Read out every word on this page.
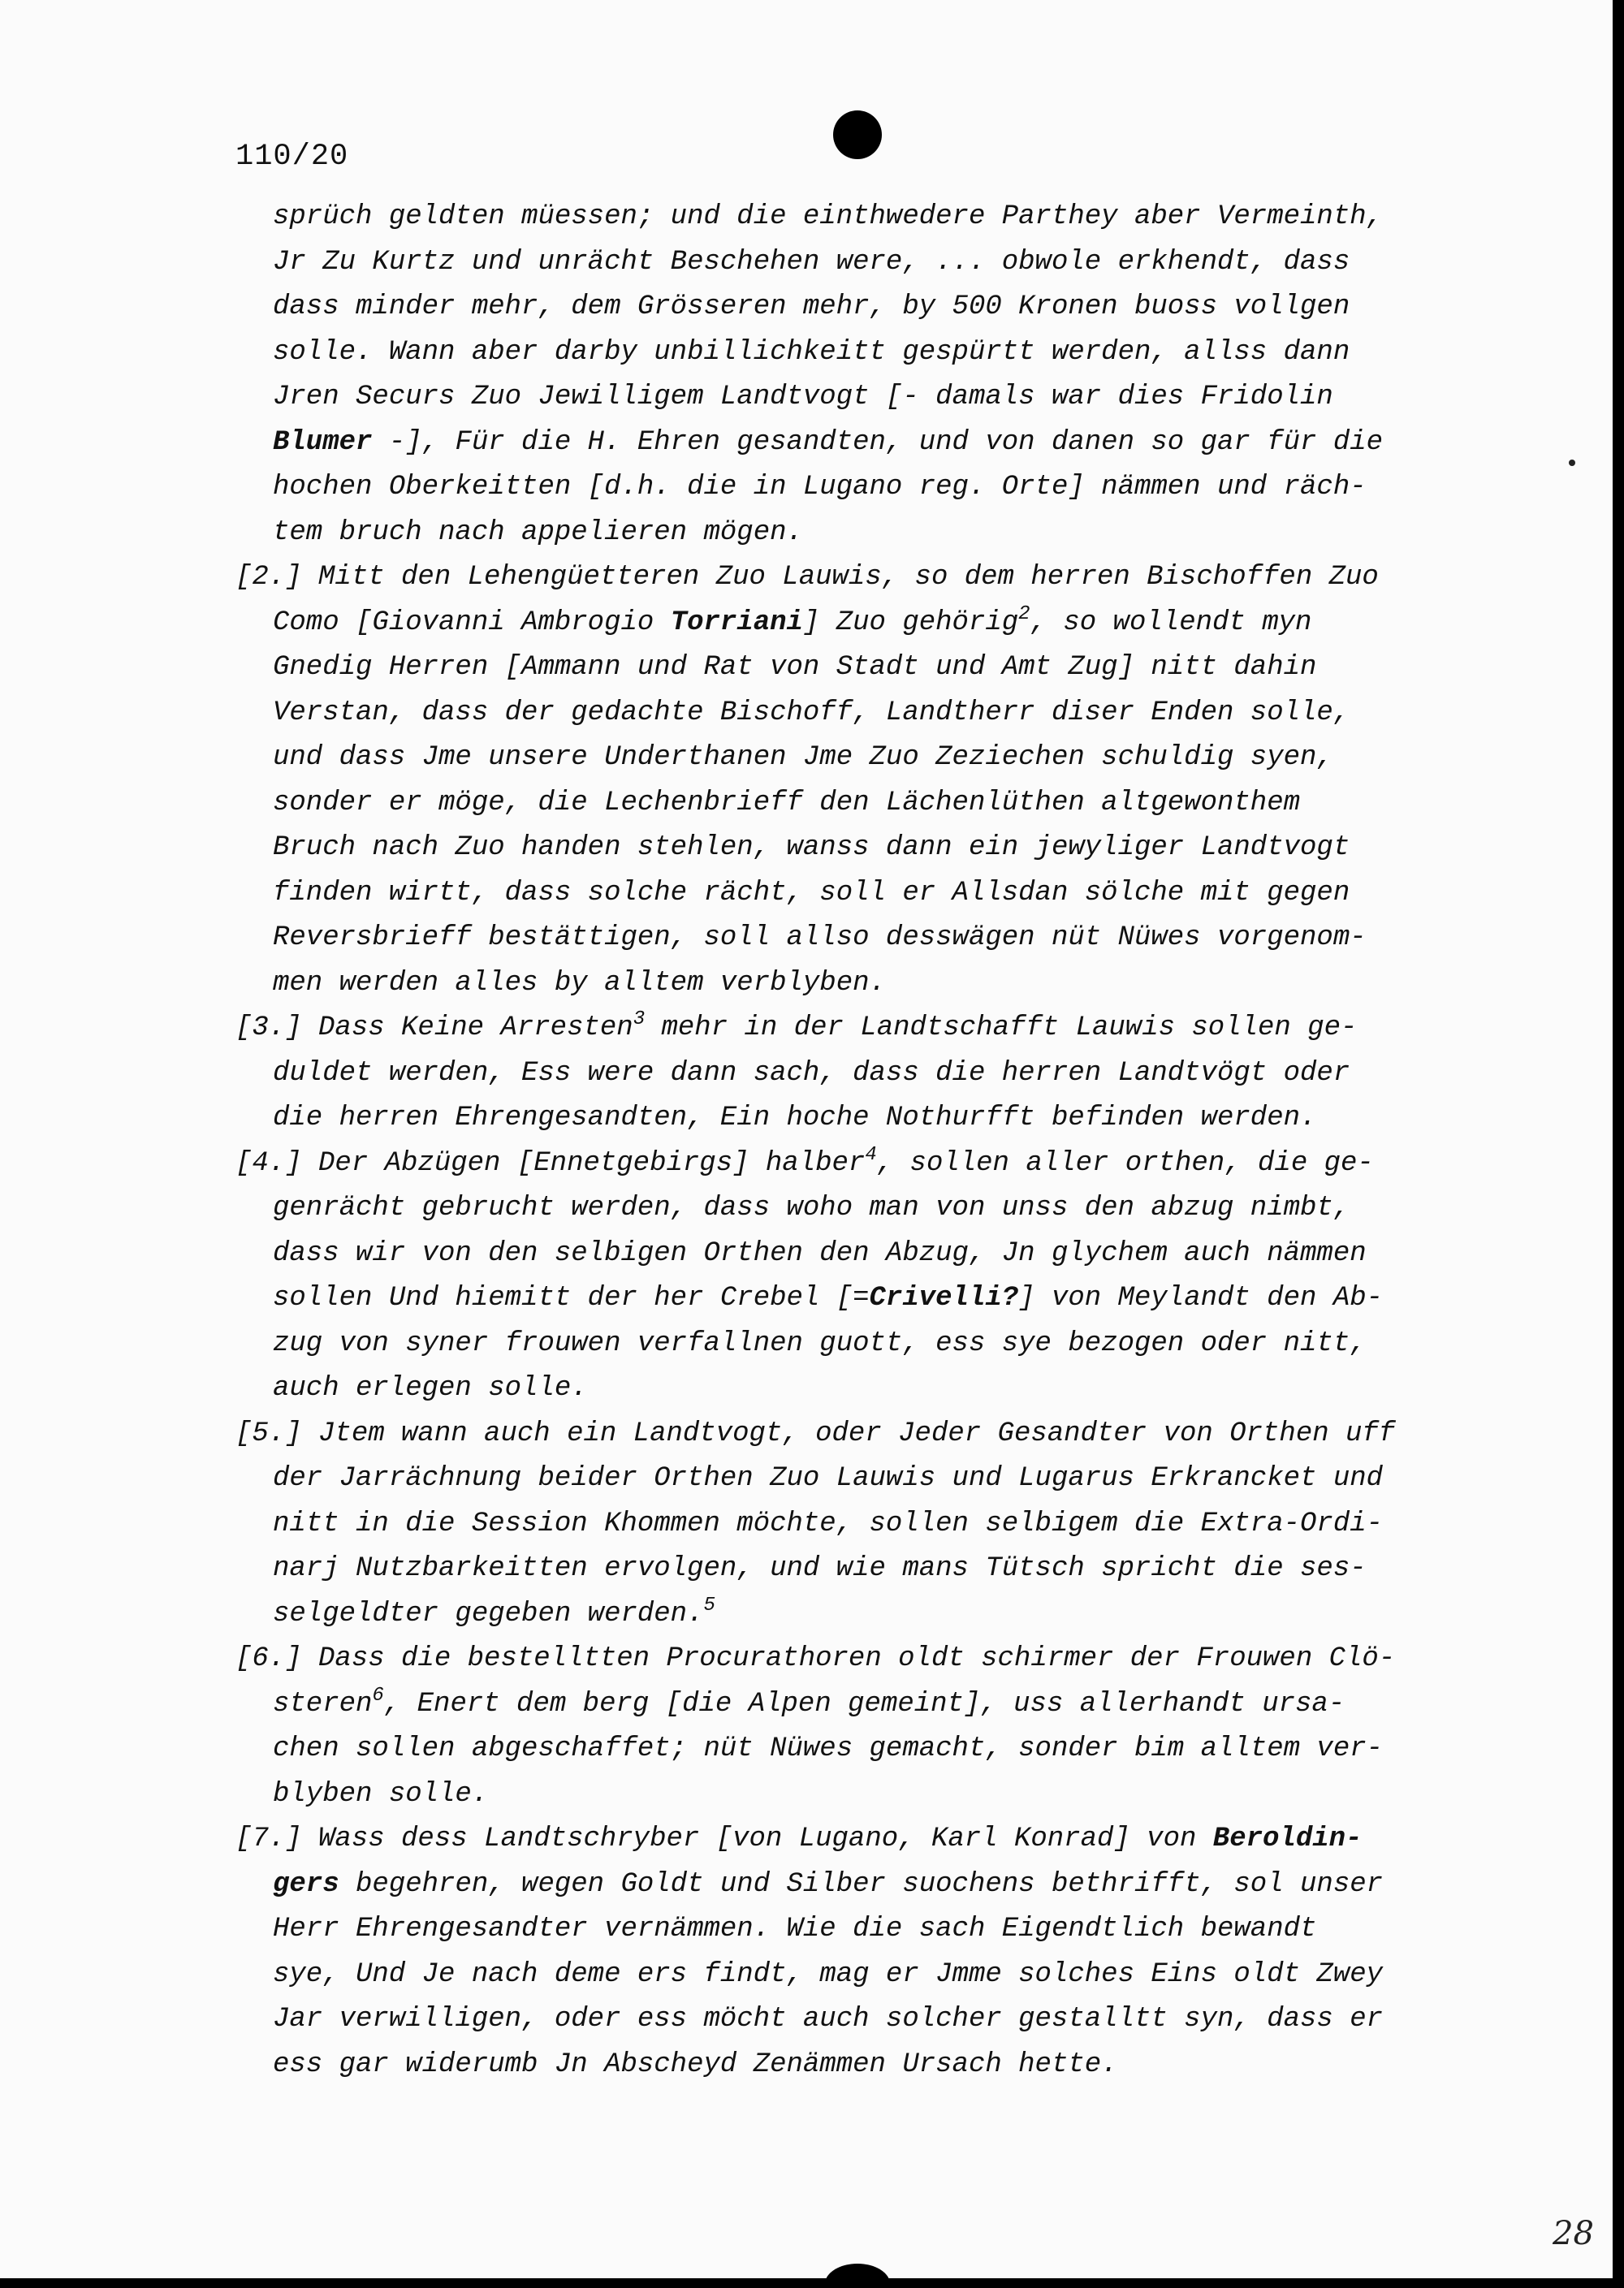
110/20
sprüch geldten müessen; und die einthwedere Parthey aber Vermeinth,
Jr Zu Kurtz und unrächt Beschehen were, ... obwole erkhendt, dass
dass minder mehr, dem Grösseren mehr, by 500 Kronen buoss vollgen
solle. Wann aber darby unbillichkeitt gespürtt werden, allss dann
Jren Securs Zuo Jewilligem Landtvogt [- damals war dies Fridolin
Blumer -], Für die H. Ehren gesandten, und von danen so gar für die
hochen Oberkeitten [d.h. die in Lugano reg. Orte] nämmen und räch-
tem bruch nach appelieren mögen.
[2.] Mitt den Lehengüetteren Zuo Lauwis, so dem herren Bischoffen Zuo
Como [Giovanni Ambrogio Torriani] Zuo gehörig$^2$, so wollendt myn
Gnedig Herren [Ammann und Rat von Stadt und Amt Zug] nitt dahin
Verstan, dass der gedachte Bischoff, Landtherr diser Enden solle,
und dass Jme unsere Underthanen Jme Zuo Zeziechen schuldig syen,
sonder er möge, die Lechenbrieff den Lächenlüthen altgewonthem
Bruch nach Zuo handen stehlen, wanss dann ein jewyliger Landtvogt
finden wirtt, dass solche rächt, soll er Allsdan sölche mit gegen
Reversbrieff bestättigen, soll allso desswägen nüt Nüwes vorgenom-
men werden alles by alltem verblyben.
[3.] Dass Keine Arresten$^3$ mehr in der Landtschafft Lauwis sollen ge-
duldet werden, Ess were dann sach, dass die herren Landtvögt oder
die herren Ehrengesandten, Ein hoche Nothurfft befinden werden.
[4.] Der Abzügen [Ennetgebirgs] halber$^4$, sollen aller orthen, die ge-
genrächt gebrucht werden, dass woho man von unss den abzug nimbt,
dass wir von den selbigen Orthen den Abzug, Jn glychem auch nämmen
sollen Und hiemitt der her Crebel [=Crivelli?] von Meylandt den Ab-
zug von syner frouwen verfallnen guott, ess sye bezogen oder nitt,
auch erlegen solle.
[5.] Jtem wann auch ein Landtvogt, oder Jeder Gesandter von Orthen uff
der Jarrächnung beider Orthen Zuo Lauwis und Lugarus Erkrancket und
nitt in die Session Khommen möchte, sollen selbigem die Extra-Ordi-
narj Nutzbarkeitten ervolgen, und wie mans Tütsch spricht die ses-
selgeldter gegeben werden.$^5$
[6.] Dass die bestelltten Procurathoren oldt schirmer der Frouwen Clö-
steren$^6$, Enert dem berg [die Alpen gemeint], uss allerhandt ursa-
chen sollen abgeschaffet; nüt Nüwes gemacht, sonder bim alltem ver-
blyben solle.
[7.] Wass dess Landtschryber [von Lugano, Karl Konrad] von Beroldin-
gers begehren, wegen Goldt und Silber suochens bethrifft, sol unser
Herr Ehrengesandter vernämmen. Wie die sach Eigendtlich bewandt
sye, Und Je nach deme ers findt, mag er Jmme solches Eins oldt Zwey
Jar verwilligen, oder ess möcht auch solcher gestalltt syn, dass er
ess gar widerumb Jn Abscheyd Zenämmen Ursach hette.
28
